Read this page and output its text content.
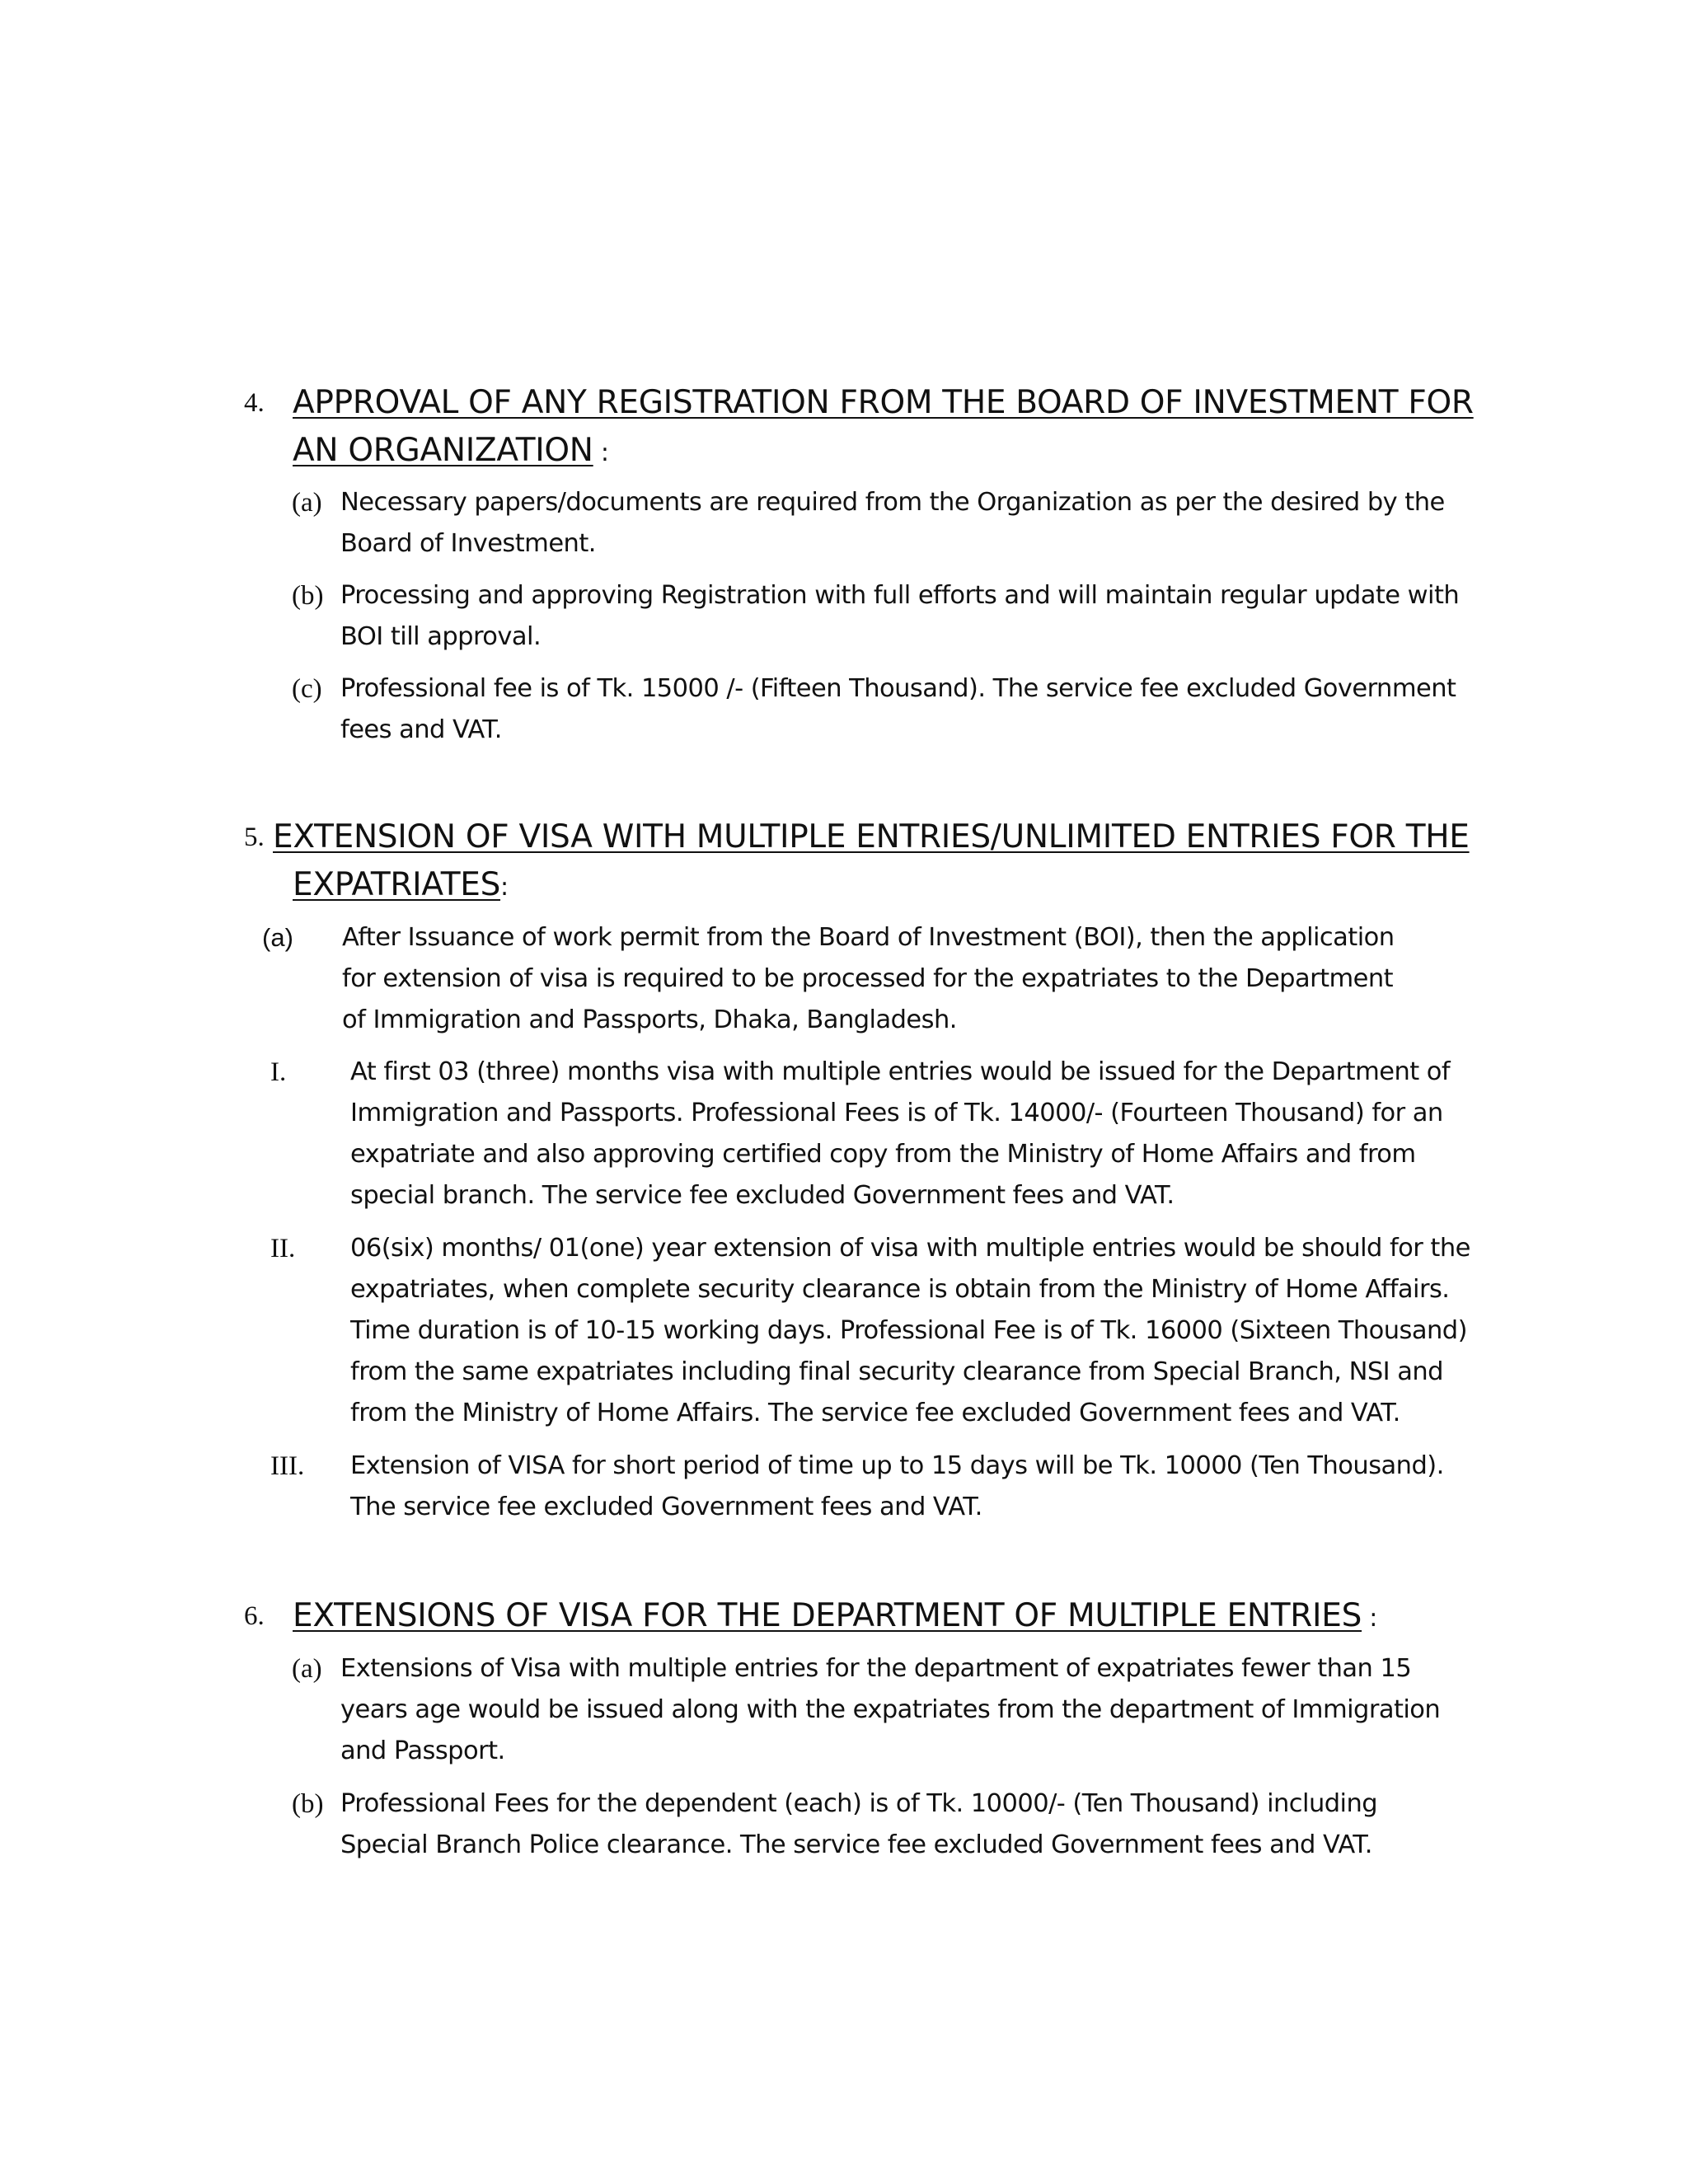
4. APPROVAL OF ANY REGISTRATION FROM THE BOARD OF INVESTMENT FOR
AN ORGANIZATION :
(a) Necessary papers/documents are required from the Organization as per the desired by the Board of Investment.
(b) Processing and approving Registration with full efforts and will maintain regular update with BOI till approval.
(c) Professional fee is of Tk. 15000 /- (Fifteen Thousand). The service fee excluded Government fees and VAT.
5. EXTENSION OF VISA WITH MULTIPLE ENTRIES/UNLIMITED ENTRIES FOR THE
EXPATRIATES:
(a) After Issuance of work permit from the Board of Investment (BOI), then the application for extension of visa is required to be processed for the expatriates to the Department of Immigration and Passports, Dhaka, Bangladesh.
I.	At first 03 (three) months visa with multiple entries would be issued for the Department of Immigration and Passports. Professional Fees is of Tk. 14000/- (Fourteen Thousand) for an expatriate and also approving certified copy from the Ministry of Home Affairs and from special branch. The service fee excluded Government fees and VAT.
II. 06(six) months/ 01(one) year extension of visa with multiple entries would be should for the expatriates, when complete security clearance is obtain from the Ministry of Home Affairs. Time duration is of 10-15 working days. Professional Fee is of Tk. 16000 (Sixteen Thousand) from the same expatriates including final security clearance from Special Branch, NSI and from the Ministry of Home Affairs. The service fee excluded Government fees and VAT.
III. Extension of VISA for short period of time up to 15 days will be Tk. 10000 (Ten Thousand). The service fee excluded Government fees and VAT.
6. EXTENSIONS OF VISA FOR THE DEPARTMENT OF MULTIPLE ENTRIES :
(a) Extensions of Visa with multiple entries for the department of expatriates fewer than 15 years age would be issued along with the expatriates from the department of Immigration and Passport.
(b) Professional Fees for the dependent (each) is of Tk. 10000/- (Ten Thousand) including Special Branch Police clearance. The service fee excluded Government fees and VAT.
